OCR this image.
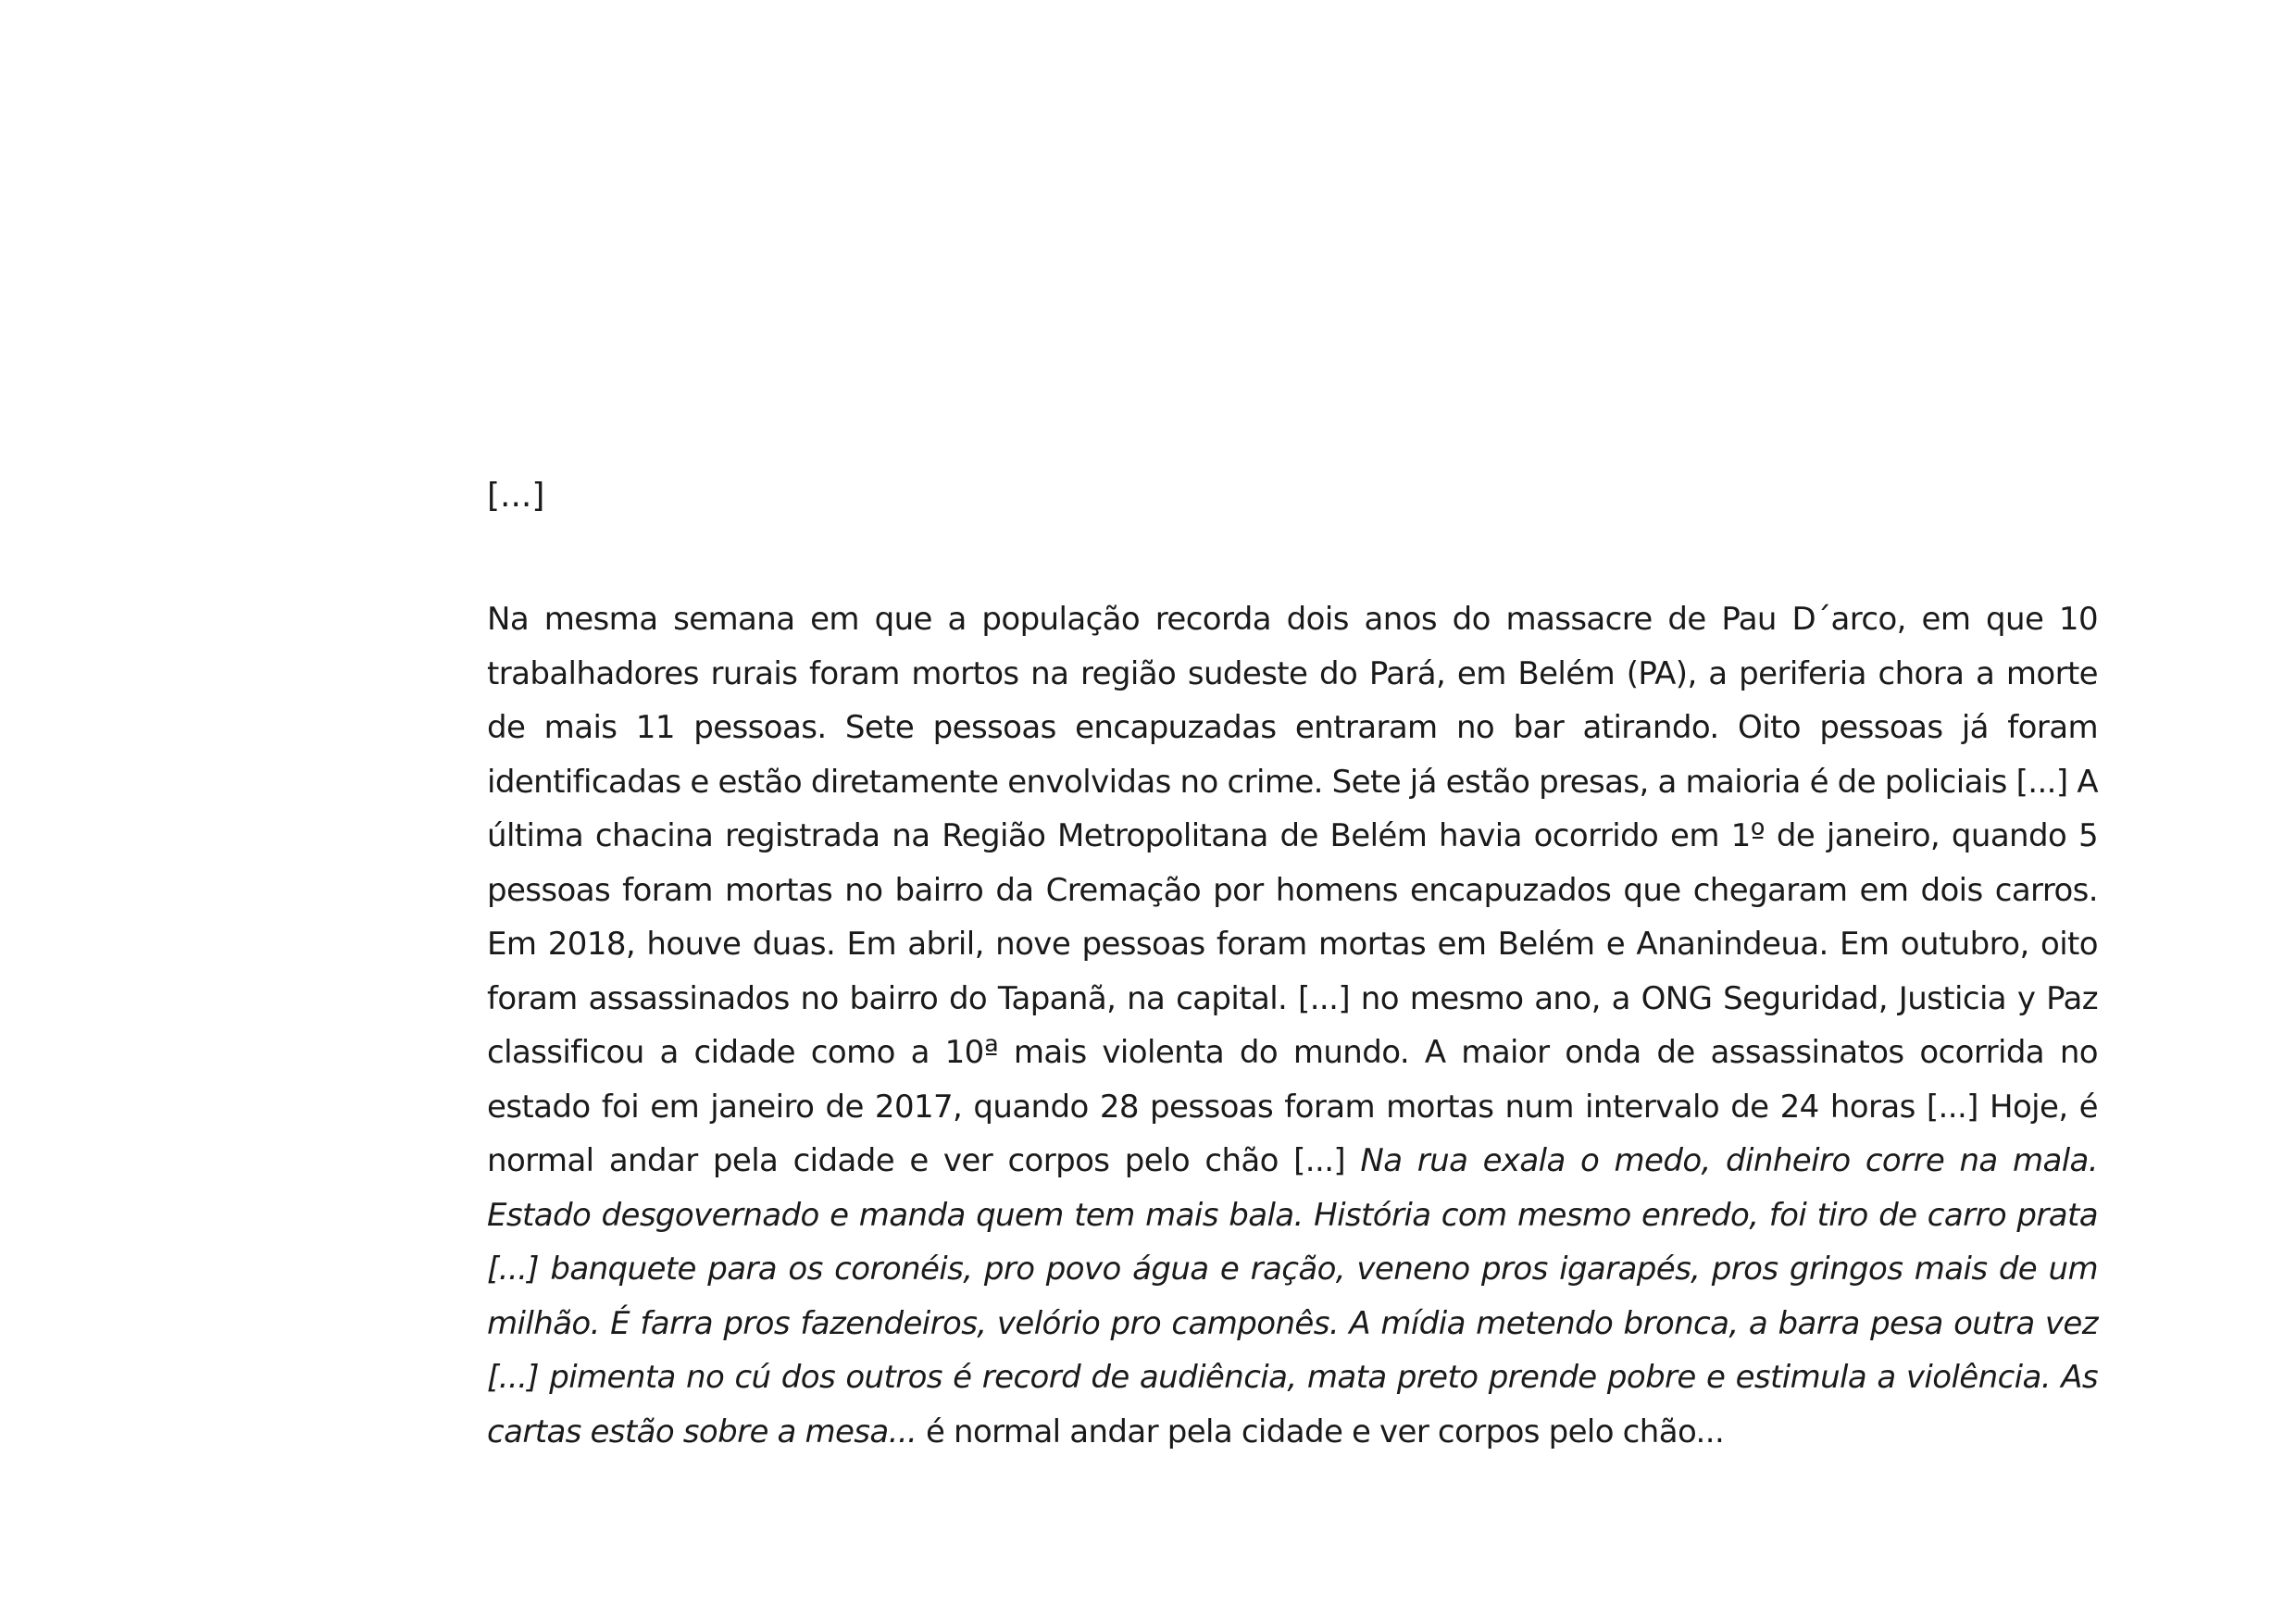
[...]

Na mesma semana em que a população recorda dois anos do massacre de Pau D´arco, em que 10 trabalhadores rurais foram mortos na região sudeste do Pará, em Belém (PA), a periferia chora a morte de mais 11 pessoas. Sete pessoas encapuzadas entraram no bar atirando. Oito pessoas já foram identificadas e estão diretamente envolvidas no crime. Sete já estão presas, a maioria é de policiais [...] A última chacina registrada na Região Metropolitana de Belém havia ocorrido em 1º de janeiro, quando 5 pessoas foram mortas no bairro da Cremação por homens encapuzados que chegaram em dois carros. Em 2018, houve duas. Em abril, nove pessoas foram mortas em Belém e Ananindeua. Em outubro, oito foram assassinados no bairro do Tapanã, na capital. [...] no mesmo ano, a ONG Seguridad, Justicia y Paz classificou a cidade como a 10ª mais violenta do mundo. A maior onda de assassinatos ocorrida no estado foi em janeiro de 2017, quando 28 pessoas foram mortas num intervalo de 24 horas [...] Hoje, é normal andar pela cidade e ver corpos pelo chão [...] Na rua exala o medo, dinheiro corre na mala. Estado desgovernado e manda quem tem mais bala. História com mesmo enredo, foi tiro de carro prata [...] banquete para os coronéis, pro povo água e ração, veneno pros igarapés, pros gringos mais de um milhão. É farra pros fazendeiros, velório pro camponês. A mídia metendo bronca, a barra pesa outra vez [...] pimenta no cú dos outros é record de audiência, mata preto prende pobre e estimula a violência. As cartas estão sobre a mesa... é normal andar pela cidade e ver corpos pelo chão...
